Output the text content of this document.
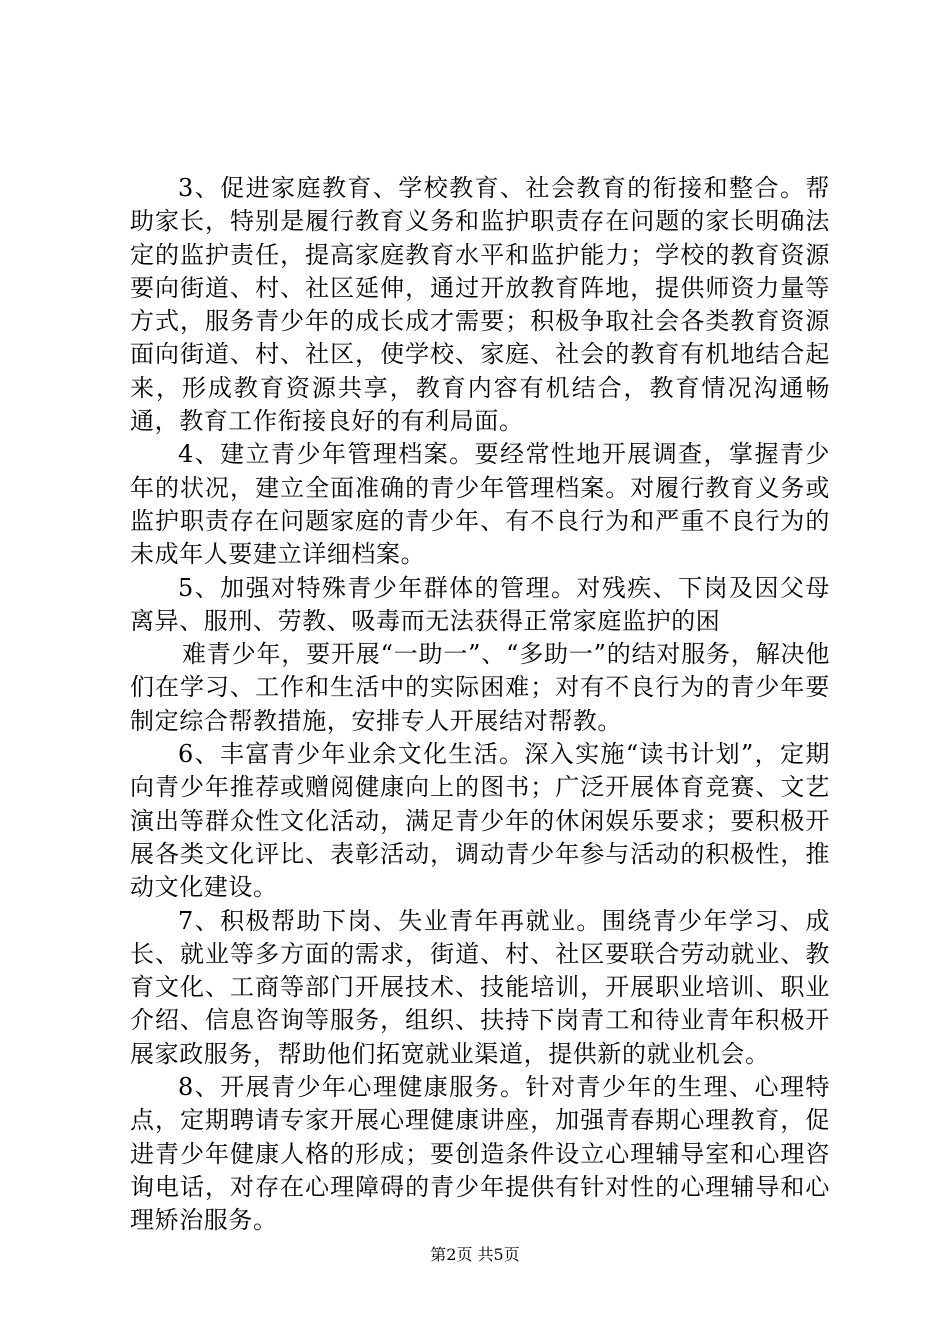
3、促进家庭教育、学校教育、社会教育的衔接和整合。帮助家长，特别是履行教育义务和监护职责存在问题的家长明确法定的监护责任，提高家庭教育水平和监护能力；学校的教育资源要向街道、村、社区延伸，通过开放教育阵地，提供师资力量等方式，服务青少年的成长成才需要；积极争取社会各类教育资源面向街道、村、社区，使学校、家庭、社会的教育有机地结合起来，形成教育资源共享，教育内容有机结合，教育情况沟通畅通，教育工作衔接良好的有利局面。

4、建立青少年管理档案。要经常性地开展调查，掌握青少年的状况，建立全面准确的青少年管理档案。对履行教育义务或监护职责存在问题家庭的青少年、有不良行为和严重不良行为的未成年人要建立详细档案。

5、加强对特殊青少年群体的管理。对残疾、下岗及因父母离异、服刑、劳教、吸毒而无法获得正常家庭监护的困

难青少年，要开展“一助一”、“多助一”的结对服务，解决他们在学习、工作和生活中的实际困难；对有不良行为的青少年要制定综合帮教措施，安排专人开展结对帮教。

6、丰富青少年业余文化生活。深入实施“读书计划”，定期向青少年推荐或赠阅健康向上的图书；广泛开展体育竞赛、文艺演出等群众性文化活动，满足青少年的休闲娱乐要求；要积极开展各类文化评比、表彰活动，调动青少年参与活动的积极性，推动文化建设。

7、积极帮助下岗、失业青年再就业。围绕青少年学习、成长、就业等多方面的需求，街道、村、社区要联合劳动就业、教育文化、工商等部门开展技术、技能培训，开展职业培训、职业介绍、信息咨询等服务，组织、扶持下岗青工和待业青年积极开展家政服务，帮助他们拓宽就业渠道，提供新的就业机会。

8、开展青少年心理健康服务。针对青少年的生理、心理特点，定期聘请专家开展心理健康讲座，加强青春期心理教育，促进青少年健康人格的形成；要创造条件设立心理辅导室和心理咨询电话，对存在心理障碍的青少年提供有针对性的心理辅导和心理矫治服务。

第2页 共5页
